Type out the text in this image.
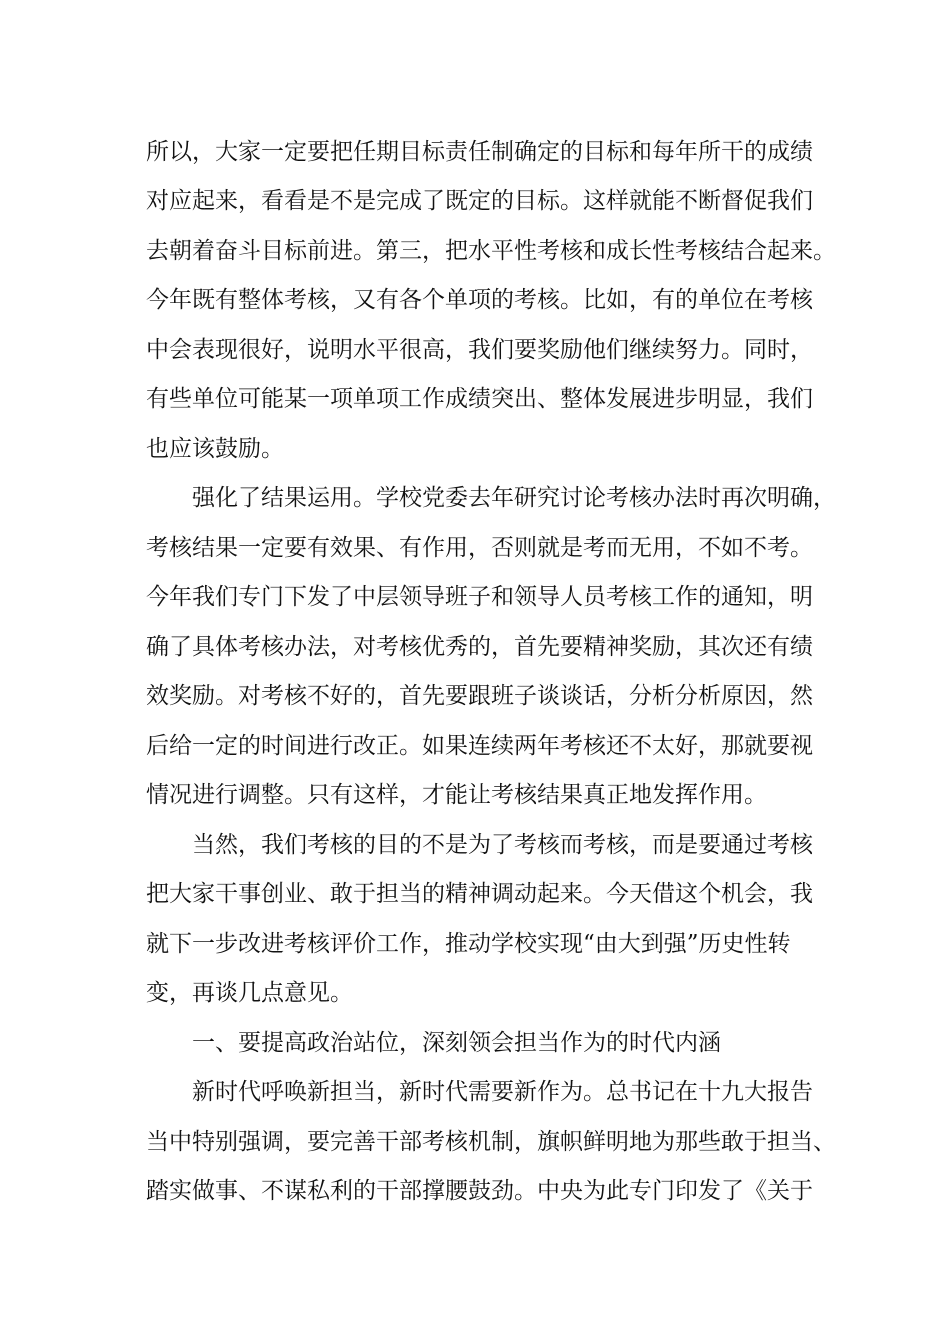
所以，大家一定要把任期目标责任制确定的目标和每年所干的成绩
对应起来，看看是不是完成了既定的目标。这样就能不断督促我们
去朝着奋斗目标前进。第三，把水平性考核和成长性考核结合起来。
今年既有整体考核，又有各个单项的考核。比如，有的单位在考核
中会表现很好，说明水平很高，我们要奖励他们继续努力。同时，
有些单位可能某一项单项工作成绩突出、整体发展进步明显，我们
也应该鼓励。
强化了结果运用。学校党委去年研究讨论考核办法时再次明确，
考核结果一定要有效果、有作用，否则就是考而无用，不如不考。
今年我们专门下发了中层领导班子和领导人员考核工作的通知，明
确了具体考核办法，对考核优秀的，首先要精神奖励，其次还有绩
效奖励。对考核不好的，首先要跟班子谈谈话，分析分析原因，然
后给一定的时间进行改正。如果连续两年考核还不太好，那就要视
情况进行调整。只有这样，才能让考核结果真正地发挥作用。
当然，我们考核的目的不是为了考核而考核，而是要通过考核
把大家干事创业、敢于担当的精神调动起来。今天借这个机会，我
就下一步改进考核评价工作，推动学校实现“由大到强”历史性转
变，再谈几点意见。
一、要提高政治站位，深刻领会担当作为的时代内涵
新时代呼唤新担当，新时代需要新作为。总书记在十九大报告
当中特别强调，要完善干部考核机制，旗帜鲜明地为那些敢于担当、
踏实做事、不谋私利的干部撑腰鼓劲。中央为此专门印发了《关于
